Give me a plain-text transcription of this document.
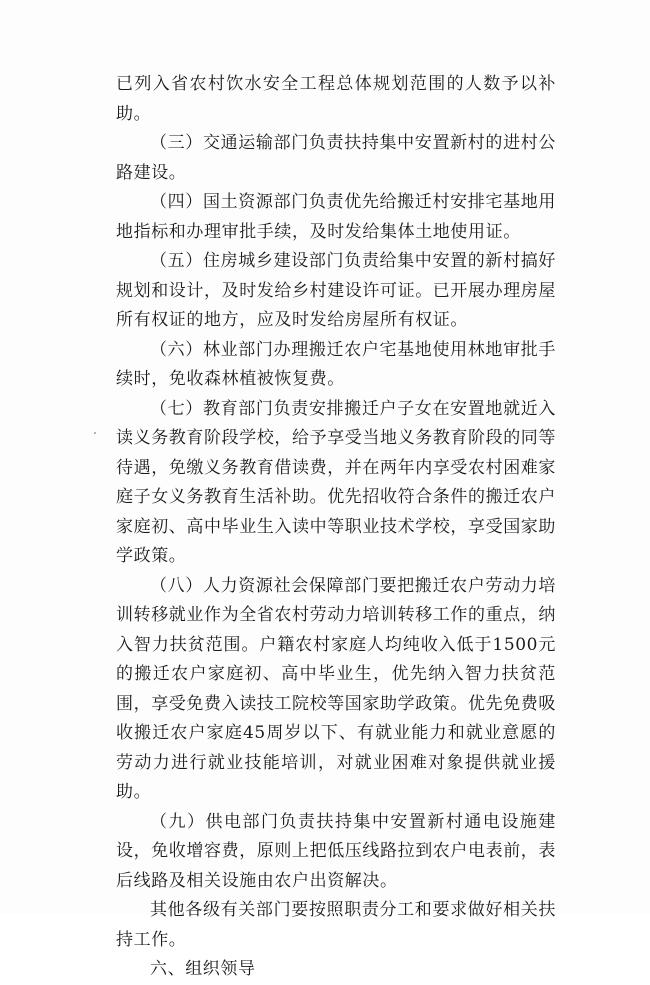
已列入省农村饮水安全工程总体规划范围的人数予以补助。

（三）交通运输部门负责扶持集中安置新村的进村公路建设。

（四）国土资源部门负责优先给搬迁村安排宅基地用地指标和办理审批手续，及时发给集体土地使用证。

（五）住房城乡建设部门负责给集中安置的新村搞好规划和设计，及时发给乡村建设许可证。已开展办理房屋所有权证的地方，应及时发给房屋所有权证。

（六）林业部门办理搬迁农户宅基地使用林地审批手续时，免收森林植被恢复费。

（七）教育部门负责安排搬迁户子女在安置地就近入读义务教育阶段学校，给予享受当地义务教育阶段的同等待遇，免缴义务教育借读费，并在两年内享受农村困难家庭子女义务教育生活补助。优先招收符合条件的搬迁农户家庭初、高中毕业生入读中等职业技术学校，享受国家助学政策。

（八）人力资源社会保障部门要把搬迁农户劳动力培训转移就业作为全省农村劳动力培训转移工作的重点，纳入智力扶贫范围。户籍农村家庭人均纯收入低于1500元的搬迁农户家庭初、高中毕业生，优先纳入智力扶贫范围，享受免费入读技工院校等国家助学政策。优先免费吸收搬迁农户家庭45周岁以下、有就业能力和就业意愿的劳动力进行就业技能培训，对就业困难对象提供就业援助。

（九）供电部门负责扶持集中安置新村通电设施建设，免收增容费，原则上把低压线路拉到农户电表前，表后线路及相关设施由农户出资解决。

其他各级有关部门要按照职责分工和要求做好相关扶持工作。

六、组织领导
